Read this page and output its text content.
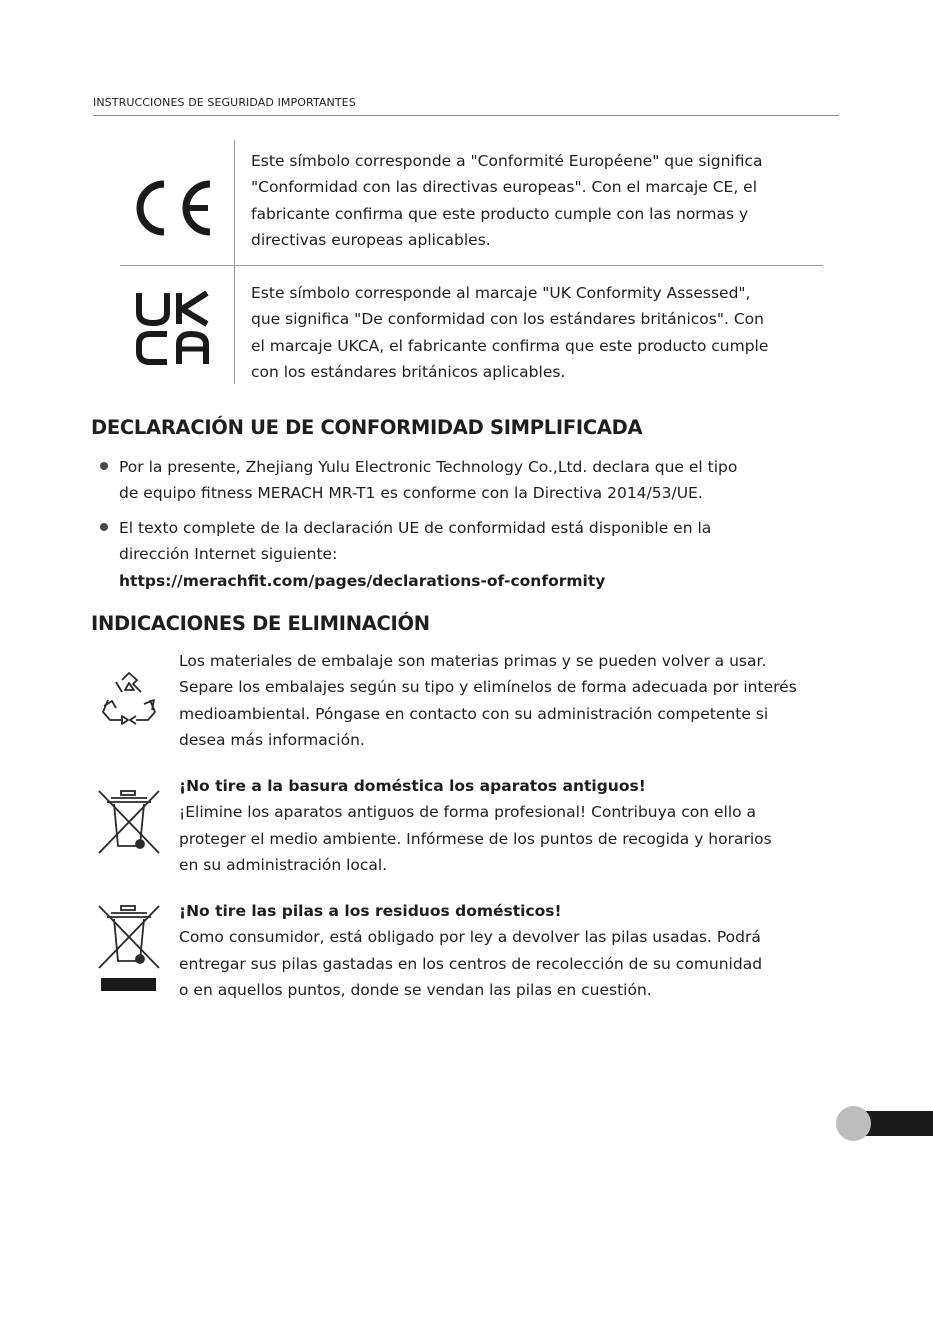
INSTRUCCIONES DE SEGURIDAD IMPORTANTES
Este símbolo corresponde a "Conformité Européene" que significa
"Conformidad con las directivas europeas". Con el marcaje CE, el
fabricante confirma que este producto cumple con las normas y
directivas europeas aplicables.
Este símbolo corresponde al marcaje "UK Conformity Assessed",
que significa "De conformidad con los estándares británicos". Con
el marcaje UKCA, el fabricante confirma que este producto cumple
con los estándares británicos aplicables.
DECLARACIÓN UE DE CONFORMIDAD SIMPLIFICADA
Por la presente, Zhejiang Yulu Electronic Technology Co.,Ltd. declara que el tipo
de equipo fitness MERACH MR-T1 es conforme con la Directiva 2014/53/UE.
El texto complete de la declaración UE de conformidad está disponible en la
dirección Internet siguiente:
https://merachfit.com/pages/declarations-of-conformity
INDICACIONES DE ELIMINACIÓN
Los materiales de embalaje son materias primas y se pueden volver a usar.
Separe los embalajes según su tipo y elimínelos de forma adecuada por interés
medioambiental. Póngase en contacto con su administración competente si
desea más información.
¡No tire a la basura doméstica los aparatos antiguos!
¡Elimine los aparatos antiguos de forma profesional! Contribuya con ello a
proteger el medio ambiente. Infórmese de los puntos de recogida y horarios
en su administración local.
¡No tire las pilas a los residuos domésticos!
Como consumidor, está obligado por ley a devolver las pilas usadas. Podrá
entregar sus pilas gastadas en los centros de recolección de su comunidad
o en aquellos puntos, donde se vendan las pilas en cuestión.
